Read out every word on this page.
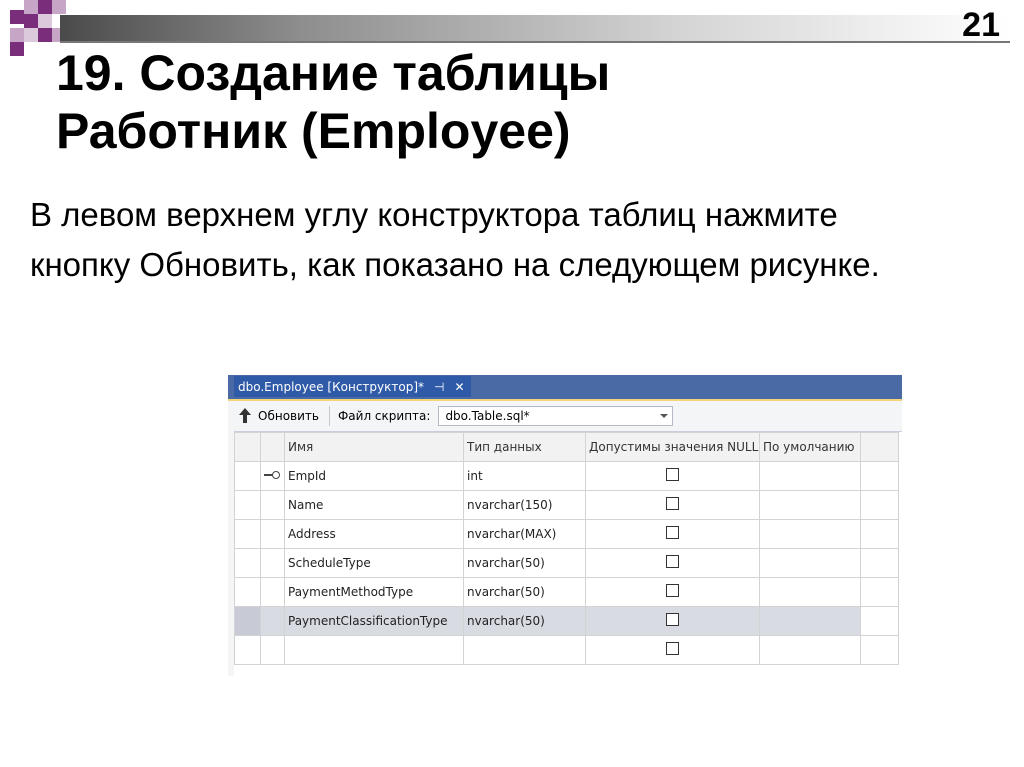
21
19. Создание таблицы
Работник (Employee)

В левом верхнем углу конструктора таблиц нажмите кнопку Обновить, как показано на следующем рисунке.

dbo.Employee [Конструктор]* ⊣ ✕
Обновить Файл скрипта: dbo.Table.sql*
		Имя	Тип данных	Допустимы значения NULL	По умолчанию	
		EmpId	int			
		Name	nvarchar(150)			
		Address	nvarchar(MAX)			
		ScheduleType	nvarchar(50)			
		PaymentMethodType	nvarchar(50)			
		PaymentClassificationType	nvarchar(50)			
